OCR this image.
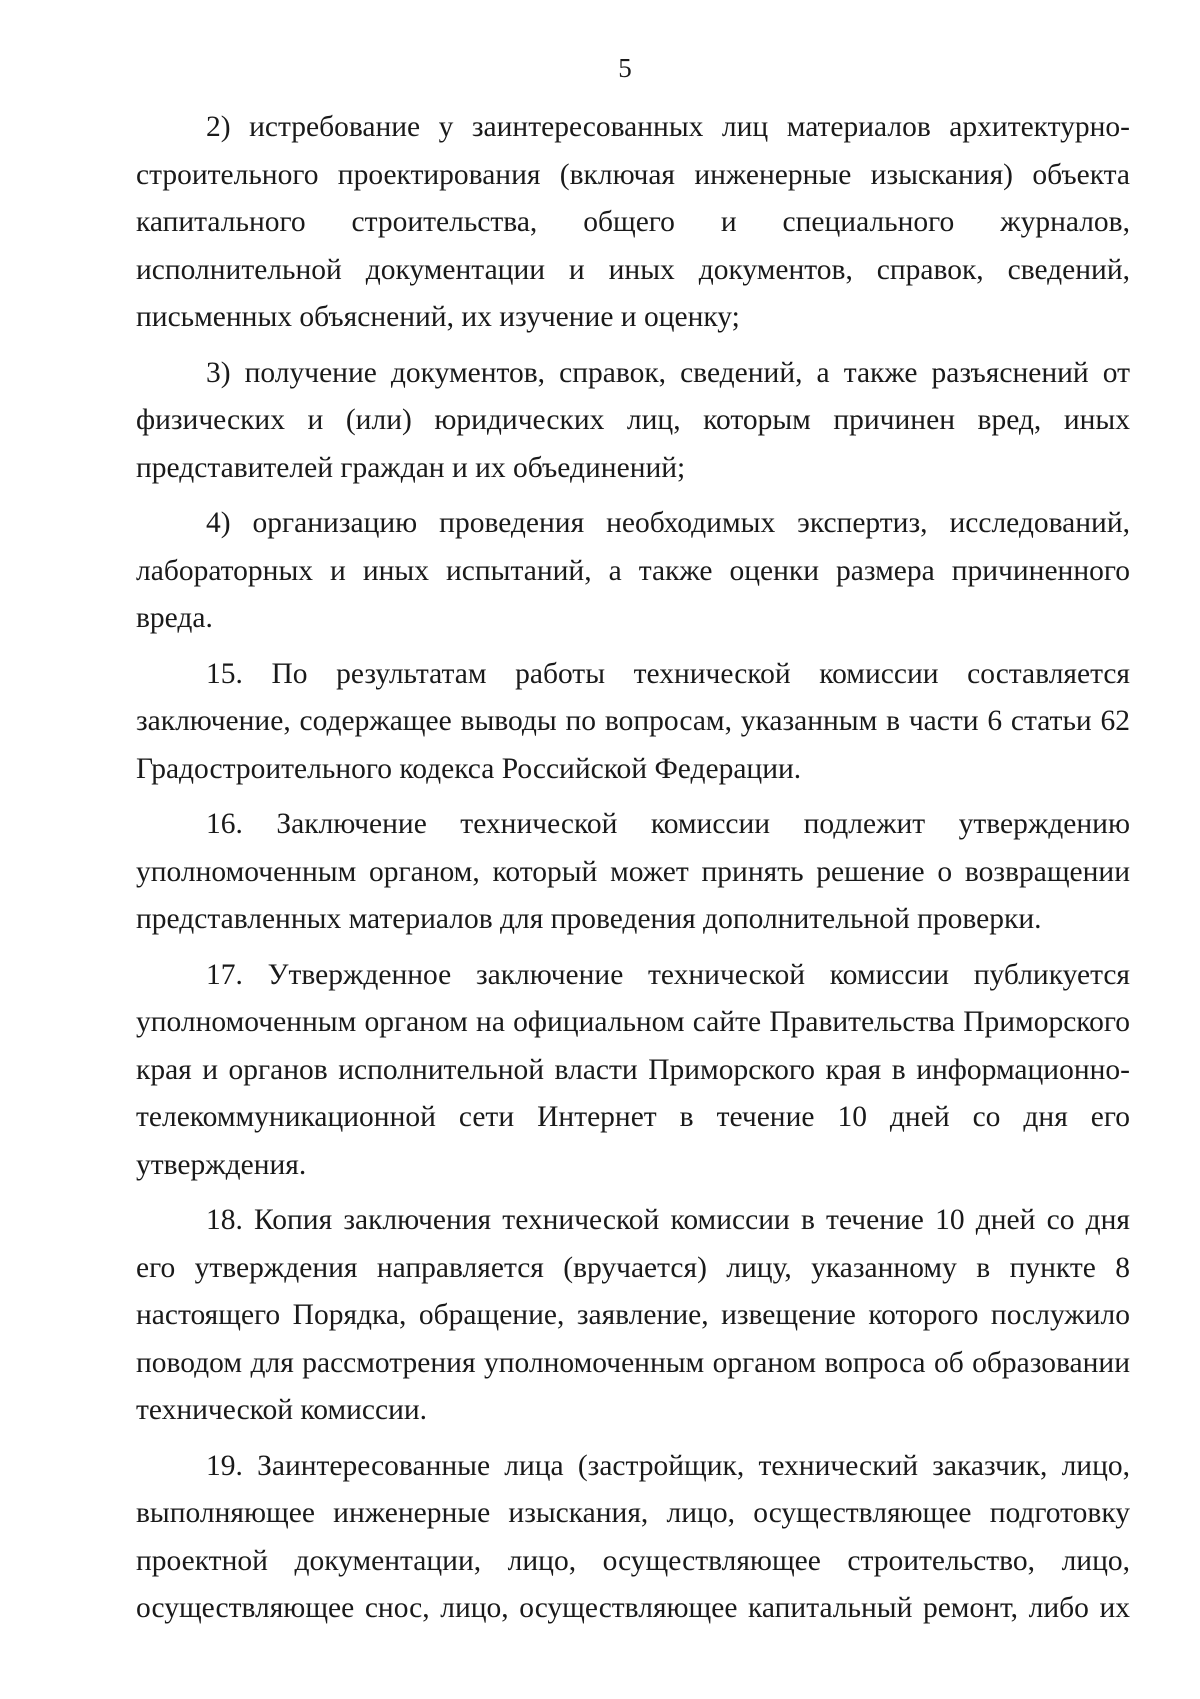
5

2) истребование у заинтересованных лиц материалов архитектурно-строительного проектирования (включая инженерные изыскания) объекта капитального строительства, общего и специального журналов, исполнительной документации и иных документов, справок, сведений, письменных объяснений, их изучение и оценку;

3) получение документов, справок, сведений, а также разъяснений от физических и (или) юридических лиц, которым причинен вред, иных представителей граждан и их объединений;

4) организацию проведения необходимых экспертиз, исследований, лабораторных и иных испытаний, а также оценки размера причиненного вреда.

15. По результатам работы технической комиссии составляется заключение, содержащее выводы по вопросам, указанным в части 6 статьи 62 Градостроительного кодекса Российской Федерации.

16. Заключение технической комиссии подлежит утверждению уполномоченным органом, который может принять решение о возвращении представленных материалов для проведения дополнительной проверки.

17. Утвержденное заключение технической комиссии публикуется уполномоченным органом на официальном сайте Правительства Приморского края и органов исполнительной власти Приморского края в информационно-телекоммуникационной сети Интернет в течение 10 дней со дня его утверждения.

18. Копия заключения технической комиссии в течение 10 дней со дня его утверждения направляется (вручается) лицу, указанному в пункте 8 настоящего Порядка, обращение, заявление, извещение которого послужило поводом для рассмотрения уполномоченным органом вопроса об образовании технической комиссии.

19. Заинтересованные лица (застройщик, технический заказчик, лицо, выполняющее инженерные изыскания, лицо, осуществляющее подготовку проектной документации, лицо, осуществляющее строительство, лицо, осуществляющее снос, лицо, осуществляющее капитальный ремонт, либо их
